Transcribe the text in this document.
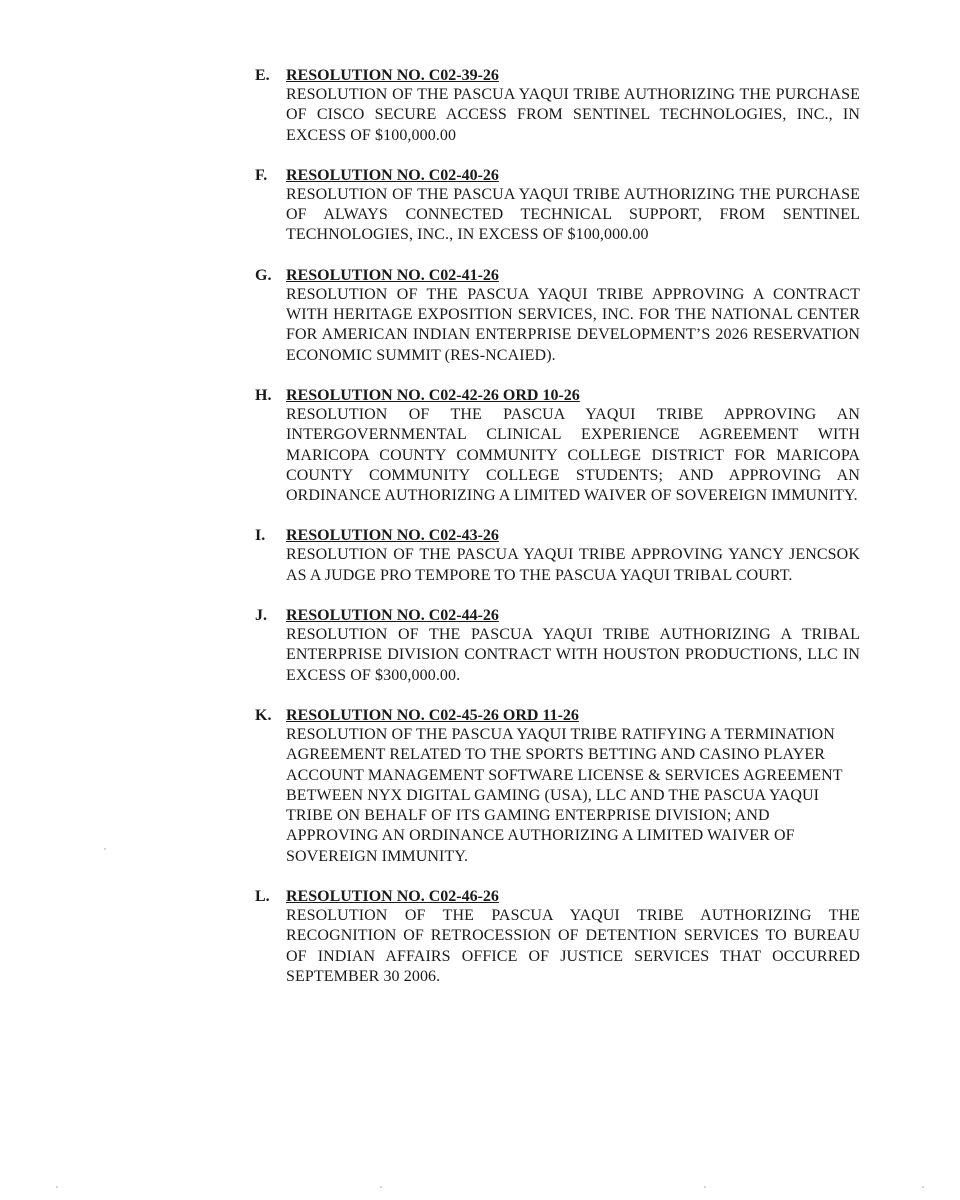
E. RESOLUTION NO. C02-39-26
RESOLUTION OF THE PASCUA YAQUI TRIBE AUTHORIZING THE PURCHASE OF CISCO SECURE ACCESS FROM SENTINEL TECHNOLOGIES, INC., IN EXCESS OF $100,000.00
F. RESOLUTION NO. C02-40-26
RESOLUTION OF THE PASCUA YAQUI TRIBE AUTHORIZING THE PURCHASE OF ALWAYS CONNECTED TECHNICAL SUPPORT, FROM SENTINEL TECHNOLOGIES, INC., IN EXCESS OF $100,000.00
G. RESOLUTION NO. C02-41-26
RESOLUTION OF THE PASCUA YAQUI TRIBE APPROVING A CONTRACT WITH HERITAGE EXPOSITION SERVICES, INC. FOR THE NATIONAL CENTER FOR AMERICAN INDIAN ENTERPRISE DEVELOPMENT’S 2026 RESERVATION ECONOMIC SUMMIT (RES-NCAIED).
H. RESOLUTION NO. C02-42-26 ORD 10-26
RESOLUTION OF THE PASCUA YAQUI TRIBE APPROVING AN INTERGOVERNMENTAL CLINICAL EXPERIENCE AGREEMENT WITH MARICOPA COUNTY COMMUNITY COLLEGE DISTRICT FOR MARICOPA COUNTY COMMUNITY COLLEGE STUDENTS; AND APPROVING AN ORDINANCE AUTHORIZING A LIMITED WAIVER OF SOVEREIGN IMMUNITY.
I. RESOLUTION NO. C02-43-26
RESOLUTION OF THE PASCUA YAQUI TRIBE APPROVING YANCY JENCSOK AS A JUDGE PRO TEMPORE TO THE PASCUA YAQUI TRIBAL COURT.
J. RESOLUTION NO. C02-44-26
RESOLUTION OF THE PASCUA YAQUI TRIBE AUTHORIZING A TRIBAL ENTERPRISE DIVISION CONTRACT WITH HOUSTON PRODUCTIONS, LLC IN EXCESS OF $300,000.00.
K. RESOLUTION NO. C02-45-26 ORD 11-26
RESOLUTION OF THE PASCUA YAQUI TRIBE RATIFYING A TERMINATION AGREEMENT RELATED TO THE SPORTS BETTING AND CASINO PLAYER ACCOUNT MANAGEMENT SOFTWARE LICENSE & SERVICES AGREEMENT BETWEEN NYX DIGITAL GAMING (USA), LLC AND THE PASCUA YAQUI TRIBE ON BEHALF OF ITS GAMING ENTERPRISE DIVISION; AND APPROVING AN ORDINANCE AUTHORIZING A LIMITED WAIVER OF SOVEREIGN IMMUNITY.
L. RESOLUTION NO. C02-46-26
RESOLUTION OF THE PASCUA YAQUI TRIBE AUTHORIZING THE RECOGNITION OF RETROCESSION OF DETENTION SERVICES TO BUREAU OF INDIAN AFFAIRS OFFICE OF JUSTICE SERVICES THAT OCCURRED SEPTEMBER 30 2006.
